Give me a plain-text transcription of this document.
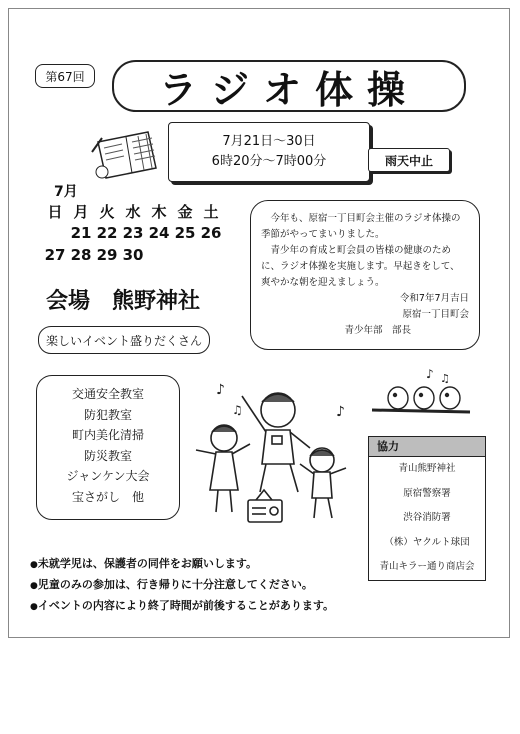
第67回 ラジオ体操
7月21日～30日
6時20分～7時00分	雨天中止
7月
日	月	火	水	木	金	土
	21	22	23	24	25	26
27	28	29	30			
会場　熊野神社

今年も、原宿一丁目町会主催のラジオ体操の季節がやってまいりました。

青少年の育成と町会員の皆様の健康のために、ラジオ体操を実施します。早起きをして、爽やかな朝を迎えましょう。

令和7年7月吉日

原宿一丁目町会

青少年部　部長

楽しいイベント盛りだくさん
交通安全教室
防犯教室
町内美化清掃
防災教室
ジャンケン大会
宝さがし　他
♪
♫	♪
♪ ♫
協力
青山熊野神社
原宿警察署
渋谷消防署
（株）ヤクルト球団
青山キラー通り商店会
● 未就学児は、保護者の同伴をお願いします。
● 児童のみの参加は、行き帰りに十分注意してください。
● イベントの内容により終了時間が前後することがあります。
